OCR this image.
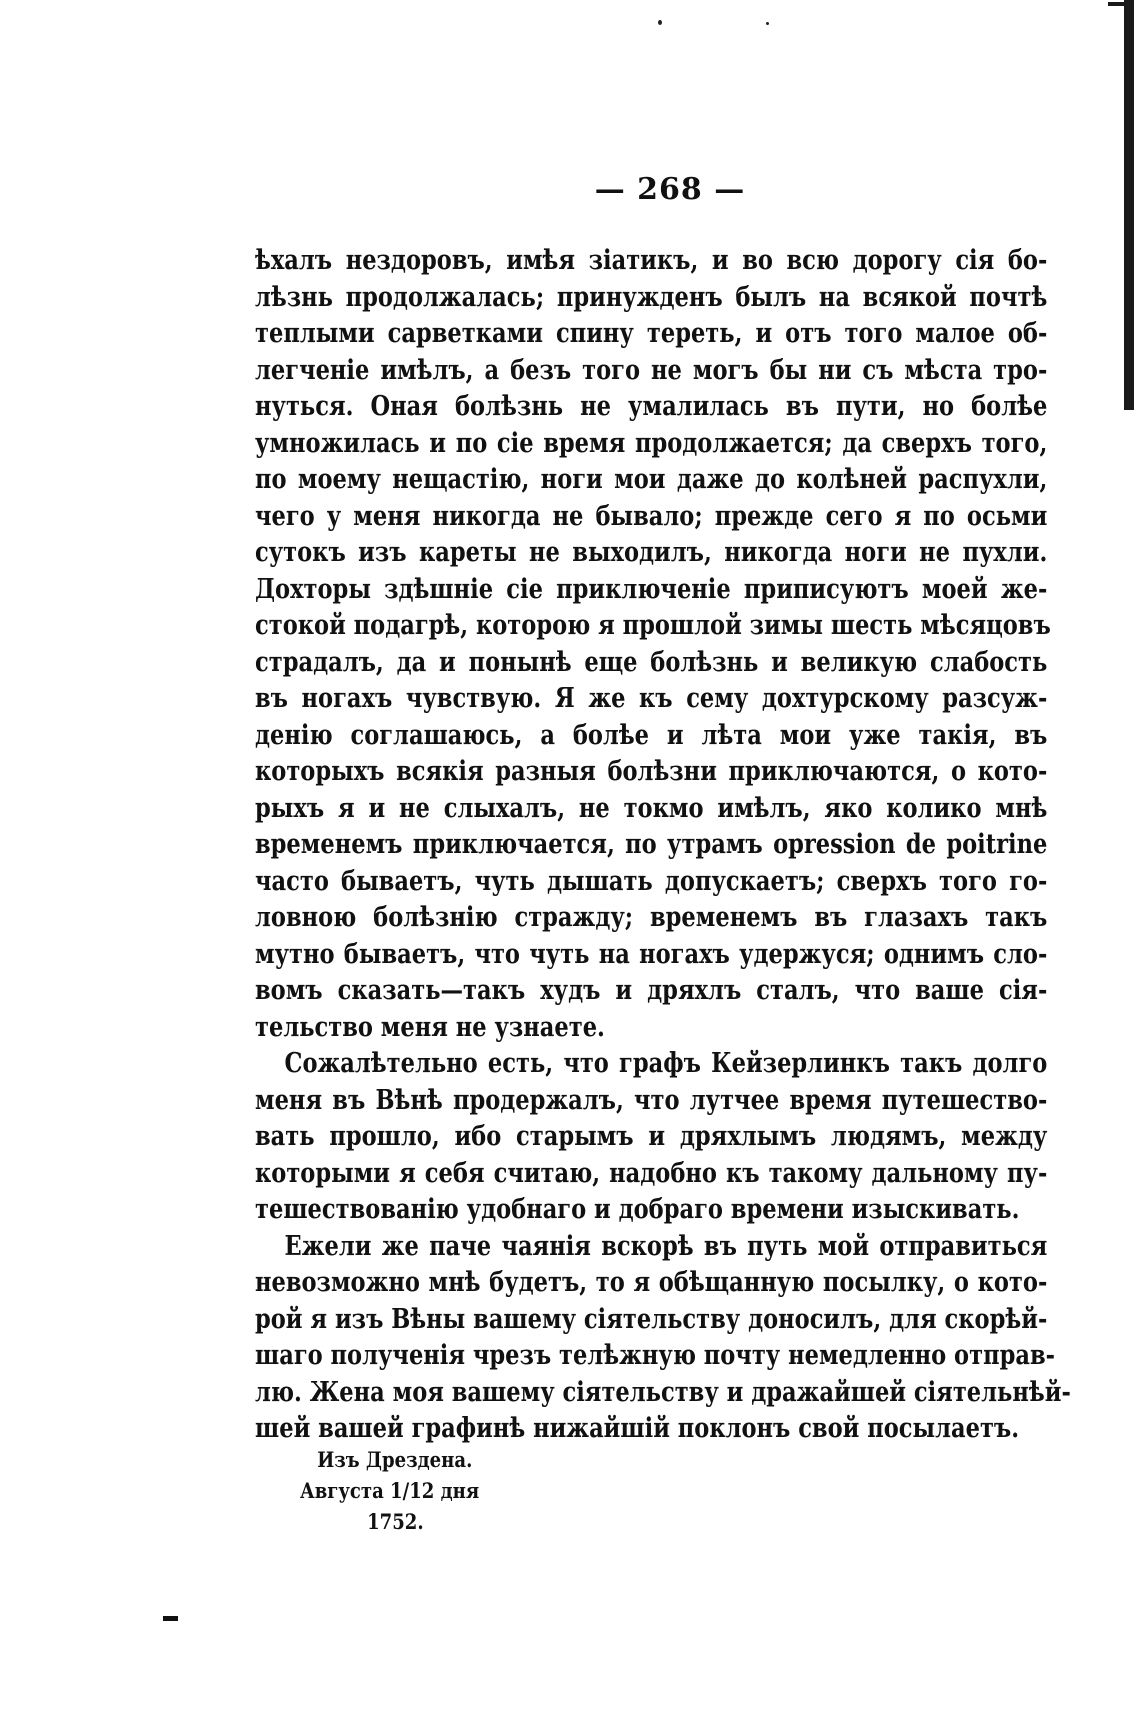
— 268 —
ѣхалъ нездоровъ, имѣя зіатикъ, и во всю дорогу сія бо-
лѣзнь продолжалась; принужденъ былъ на всякой почтѣ
теплыми сарветками спину тереть, и отъ того малое об-
легченіе имѣлъ, а безъ того не могъ бы ни съ мѣста тро-
нуться. Оная болѣзнь не умалилась въ пути, но болѣе
умножилась и по сіе время продолжается; да сверхъ того,
по моему нещастію, ноги мои даже до колѣней распухли,
чего у меня никогда не бывало; прежде сего я по осьми
сутокъ изъ кареты не выходилъ, никогда ноги не пухли.
Дохторы здѣшніе сіе приключеніе приписуютъ моей же-
стокой подагрѣ, которою я прошлой зимы шесть мѣсяцовъ
страдалъ, да и понынѣ еще болѣзнь и великую слабость
въ ногахъ чувствую. Я же къ сему дохтурскому разсуж-
денію соглашаюсь, а болѣе и лѣта мои уже такія, въ
которыхъ всякія разныя болѣзни приключаются, о кото-
рыхъ я и не слыхалъ, не токмо имѣлъ, яко колико мнѣ
временемъ приключается, по утрамъ opression de poitrine
часто бываетъ, чуть дышать допускаетъ; сверхъ того го-
ловною болѣзнію стражду; временемъ въ глазахъ такъ
мутно бываетъ, что чуть на ногахъ удержуся; однимъ сло-
вомъ сказать—такъ худъ и дряхлъ сталъ, что ваше сія-
тельство меня не узнаете.
Сожалѣтельно есть, что графъ Кейзерлинкъ такъ долго
меня въ Вѣнѣ продержалъ, что лутчее время путешество-
вать прошло, ибо старымъ и дряхлымъ людямъ, между
которыми я себя считаю, надобно къ такому дальному пу-
тешествованію удобнаго и добраго времени изыскивать.
Ежели же паче чаянія вскорѣ въ путь мой отправиться
невозможно мнѣ будетъ, то я обѣщанную посылку, о кото-
рой я изъ Вѣны вашему сіятельству доносилъ, для скорѣй-
шаго полученія чрезъ телѣжную почту немедленно отправ-
лю. Жена моя вашему сіятельству и дражайшей сіятельнѣй-
шей вашей графинѣ нижайшій поклонъ свой посылаетъ.
Изъ Дрездена.
Августа 1/12 дня
1752.
